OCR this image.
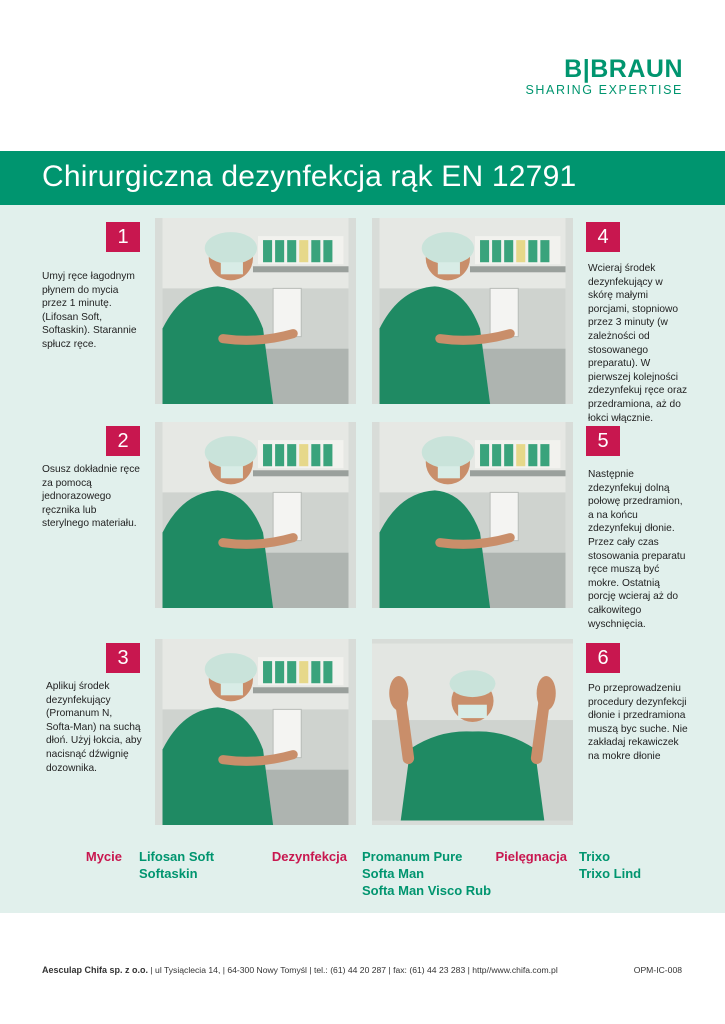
B|BRAUN
SHARING EXPERTISE
Chirurgiczna dezynfekcja rąk EN 12791
1
Umyj ręce łagodnym płynem do mycia przez 1 minutę. (Lifosan Soft, Softaskin). Starannie spłucz ręce.
2
Osusz dokładnie ręce za pomocą jednorazowego ręcznika lub sterylnego materiału.
3
Aplikuj środek dezynfekujący (Promanum N, Softa-Man) na suchą dłoń. Użyj łokcia, aby nacisnąć dźwignię dozownika.
4
Wcieraj środek dezynfekujący w skórę małymi porcjami, stopniowo przez 3 minuty (w zależności od stosowanego preparatu). W pierwszej kolejności zdezynfekuj ręce oraz przedramiona, aż do łokci włącznie.
5
Następnie zdezynfekuj dolną połowę przedramion, a na końcu zdezynfekuj dłonie. Przez cały czas stosowania preparatu ręce muszą być mokre. Ostatnią porcję wcieraj aż do całkowitego wyschnięcia.
6
Po przeprowadzeniu procedury dezynfekcji dłonie i przedramiona muszą byc suche. Nie zakładaj rekawiczek na mokre dłonie
Mycie Lifosan Soft
Softaskin
Dezynfekcja Promanum Pure
Softa Man
Softa Man Visco Rub
Pielęgnacja Trixo
Trixo Lind
Aesculap Chifa sp. z o.o. | ul Tysiąclecia 14, | 64-300 Nowy Tomyśl | tel.: (61) 44 20 287 | fax: (61) 44 23 283 | http//www.chifa.com.pl	OPM-IC-008
